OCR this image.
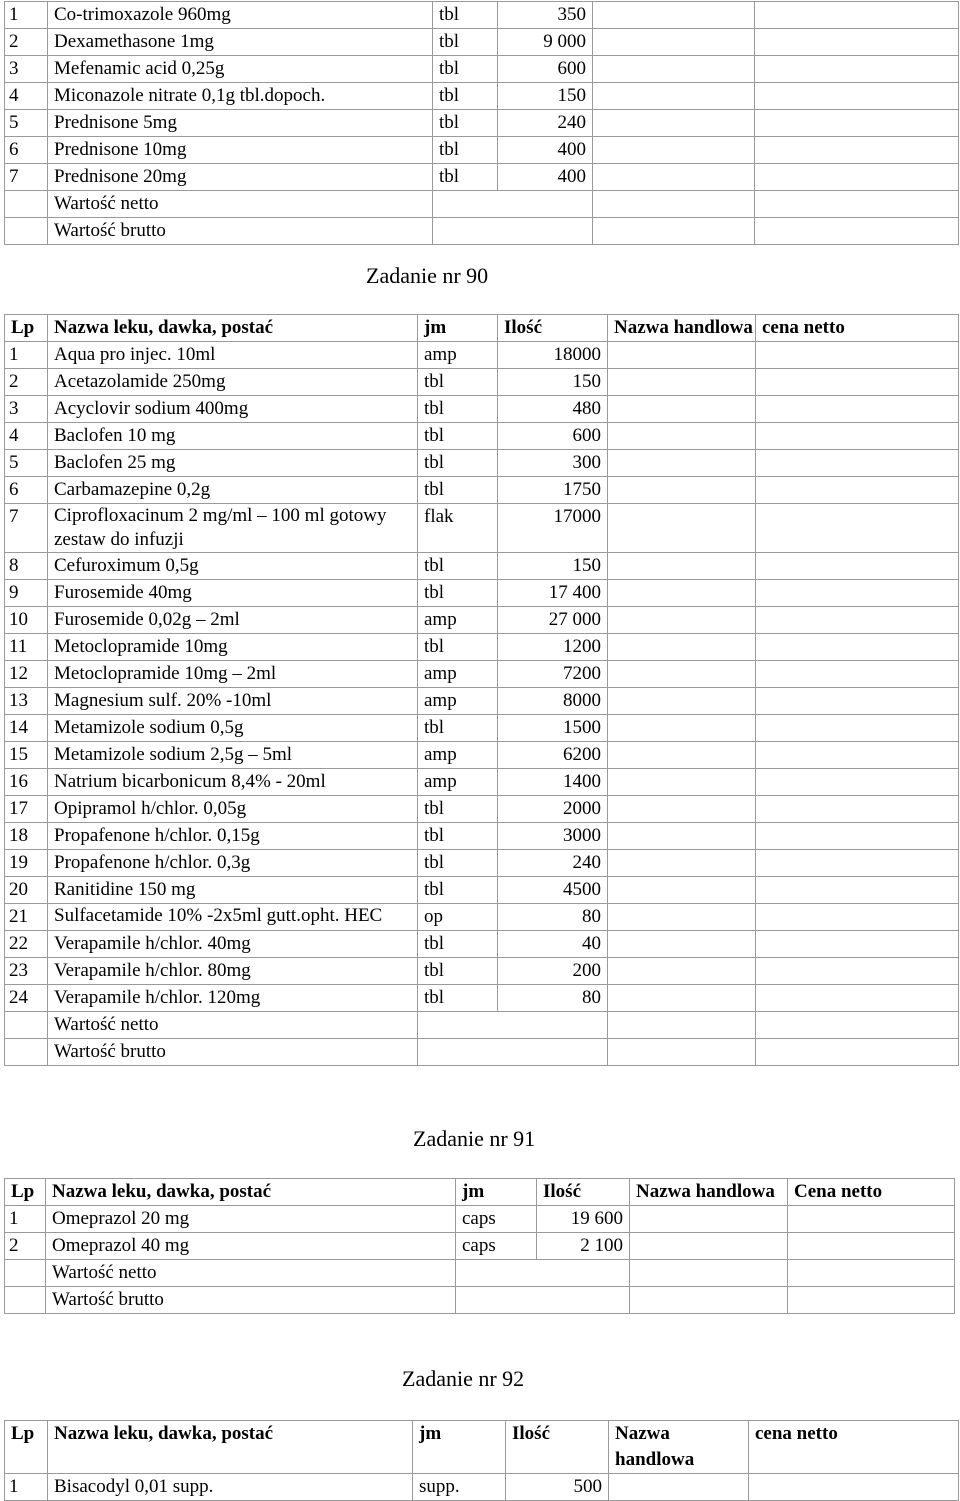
1	Co-trimoxazole 960mg	tbl	350		
2	Dexamethasone 1mg	tbl	9 000		
3	Mefenamic acid 0,25g	tbl	600		
4	Miconazole nitrate 0,1g tbl.dopoch.	tbl	150		
5	Prednisone 5mg	tbl	240		
6	Prednisone 10mg	tbl	400		
7	Prednisone 20mg	tbl	400		
	Wartość netto				
	Wartość brutto				
Zadanie nr 90
Lp	Nazwa leku, dawka, postać	jm	Ilość	Nazwa handlowa	cena netto
1	Aqua pro injec. 10ml	amp	18000		
2	Acetazolamide 250mg	tbl	150		
3	Acyclovir sodium 400mg	tbl	480		
4	Baclofen 10 mg	tbl	600		
5	Baclofen 25 mg	tbl	300		
6	Carbamazepine 0,2g	tbl	1750		
7	Ciprofloxacinum 2 mg/ml – 100 ml gotowy zestaw do infuzji	flak	17000		
8	Cefuroximum 0,5g	tbl	150		
9	Furosemide 40mg	tbl	17 400		
10	Furosemide 0,02g – 2ml	amp	27 000		
11	Metoclopramide 10mg	tbl	1200		
12	Metoclopramide 10mg – 2ml	amp	7200		
13	Magnesium sulf. 20% -10ml	amp	8000		
14	Metamizole sodium 0,5g	tbl	1500		
15	Metamizole sodium 2,5g – 5ml	amp	6200		
16	Natrium bicarbonicum 8,4% - 20ml	amp	1400		
17	Opipramol h/chlor. 0,05g	tbl	2000		
18	Propafenone h/chlor. 0,15g	tbl	3000		
19	Propafenone h/chlor. 0,3g	tbl	240		
20	Ranitidine 150 mg	tbl	4500		
21	Sulfacetamide 10% -2x5ml gutt.opht. HEC	op	80		
22	Verapamile h/chlor. 40mg	tbl	40		
23	Verapamile h/chlor. 80mg	tbl	200		
24	Verapamile h/chlor. 120mg	tbl	80		
	Wartość netto				
	Wartość brutto				
Zadanie nr 91
Lp	Nazwa leku, dawka, postać	jm	Ilość	Nazwa handlowa	Cena netto
1	Omeprazol 20 mg	caps	19 600		
2	Omeprazol 40 mg	caps	2 100		
	Wartość netto				
	Wartość brutto				
Zadanie nr 92
Lp	Nazwa leku, dawka, postać	jm	Ilość	Nazwa handlowa	cena netto
1	Bisacodyl 0,01 supp.	supp.	500		
